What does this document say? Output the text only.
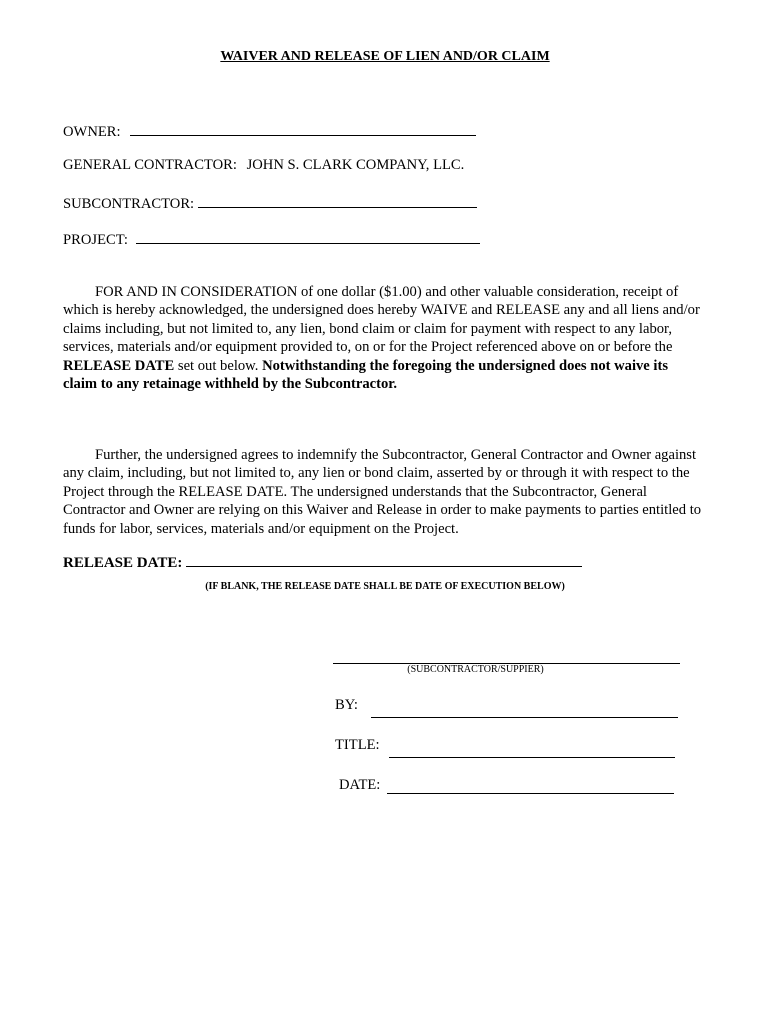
WAIVER AND RELEASE OF LIEN AND/OR CLAIM
OWNER:
GENERAL CONTRACTOR: JOHN S. CLARK COMPANY, LLC.
SUBCONTRACTOR:
PROJECT:
FOR AND IN CONSIDERATION of one dollar ($1.00) and other valuable consideration, receipt of which is hereby acknowledged, the undersigned does hereby WAIVE and RELEASE any and all liens and/or claims including, but not limited to, any lien, bond claim or claim for payment with respect to any labor, services, materials and/or equipment provided to, on or for the Project referenced above on or before the RELEASE DATE set out below. Notwithstanding the foregoing the undersigned does not waive its claim to any retainage withheld by the Subcontractor.
Further, the undersigned agrees to indemnify the Subcontractor, General Contractor and Owner against any claim, including, but not limited to, any lien or bond claim, asserted by or through it with respect to the Project through the RELEASE DATE. The undersigned understands that the Subcontractor, General Contractor and Owner are relying on this Waiver and Release in order to make payments to parties entitled to funds for labor, services, materials and/or equipment on the Project.
RELEASE DATE:
(IF BLANK, THE RELEASE DATE SHALL BE DATE OF EXECUTION BELOW)
(SUBCONTRACTOR/SUPPIER)
BY:
TITLE:
DATE:
